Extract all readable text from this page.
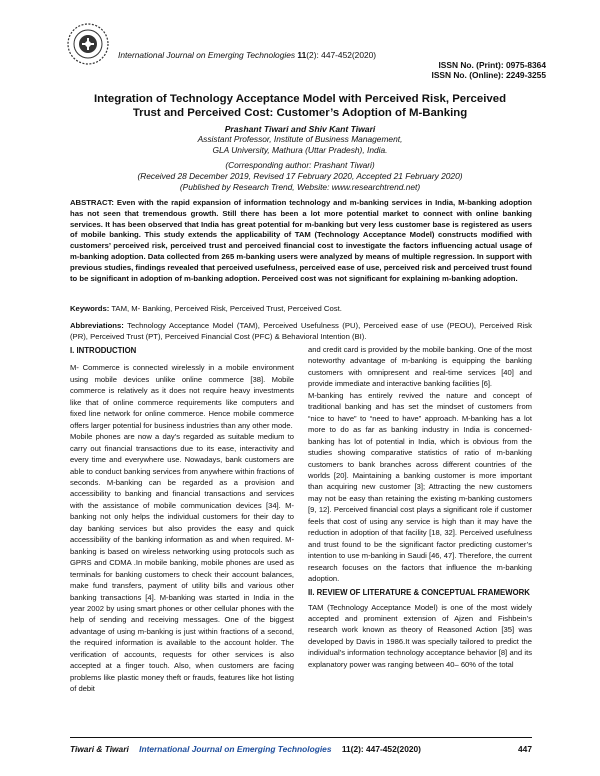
International Journal on Emerging Technologies 11(2): 447-452(2020)
ISSN No. (Print): 0975-8364
ISSN No. (Online): 2249-3255
Integration of Technology Acceptance Model with Perceived Risk, Perceived Trust and Perceived Cost: Customer’s Adoption of M-Banking
Prashant Tiwari and Shiv Kant Tiwari
Assistant Professor, Institute of Business Management,
GLA University, Mathura (Uttar Pradesh), India.
(Corresponding author: Prashant Tiwari)
(Received 28 December 2019, Revised 17 February 2020, Accepted 21 February 2020)
(Published by Research Trend, Website: www.researchtrend.net)
ABSTRACT: Even with the rapid expansion of information technology and m-banking services in India, M-banking adoption has not seen that tremendous growth. Still there has been a lot more potential market to connect with online banking services. It has been observed that India has great potential for m-banking but very less customer base is registered as users of mobile banking. This study extends the applicability of TAM (Technology Acceptance Model) constructs modified with customers’ perceived risk, perceived trust and perceived financial cost to investigate the factors influencing actual usage of m-banking adoption. Data collected from 265 m-banking users were analyzed by means of multiple regression. In support with previous studies, findings revealed that perceived usefulness, perceived ease of use, perceived risk and perceived trust found to be significant in adoption of m-banking adoption. Perceived cost was not significant for explaining m-banking adoption.
Keywords: TAM, M- Banking, Perceived Risk, Perceived Trust, Perceived Cost.
Abbreviations: Technology Acceptance Model (TAM), Perceived Usefulness (PU), Perceived ease of use (PEOU), Perceived Risk (PR), Perceived Trust (PT), Perceived Financial Cost (PFC) & Behavioral Intention (BI).
I. INTRODUCTION

M- Commerce is connected wirelessly in a mobile environment using mobile devices unlike online commerce [38]. Mobile commerce is relatively as it does not require heavy investments like that of online commerce requirements like computers and fixed line network for online commerce. Hence mobile commerce offers larger potential for business industries than any other mode.

Mobile phones are now a day’s regarded as suitable medium to carry out financial transactions due to its ease, interactivity and every time and everywhere use. Nowadays, bank customers are able to conduct banking services from anywhere within fractions of seconds. M-banking can be regarded as a provision and accessibility to banking and financial transactions and services with the assistance of mobile communication devices [34]. M-banking not only helps the individual customers for their day to day banking services but also provides the easy and quick accessibility of the banking information as and when required. M-banking is based on wireless networking using protocols such as GPRS and CDMA .In mobile banking, mobile phones are used as terminals for banking customers to check their account balances, make fund transfers, payment of utility bills and various other banking transactions [4]. M-banking was started in India in the year 2002 by using smart phones or other cellular phones with the help of sending and receiving messages. One of the biggest advantage of using m-banking is just within fractions of a second, the required information is available to the account holder. The verification of accounts, requests for other services is also accepted at a finger touch. Also, when customers are facing problems like plastic money theft or frauds, features like hot listing of debit

and credit card is provided by the mobile banking. One of the most noteworthy advantage of m-banking is equipping the banking customers with omnipresent and real-time services [40] and provide immediate and interactive banking facilities [6].

M-banking has entirely revived the nature and concept of traditional banking and has set the mindset of customers from “nice to have” to “need to have” approach. M-banking has a lot more to do as far as banking industry in India is concerned-banking has lot of potential in India, which is obvious from the studies showing comparative statistics of ratio of m-banking customers to bank branches across different countries of the worlds [20]. Maintaining a banking customer is more important than acquiring new customer [3]; Attracting the new customers may not be easy than retaining the existing m-banking customers [9, 12]. Perceived financial cost plays a significant role if customer feels that cost of using any service is high than it may have the reduction in adoption of that facility [18, 32]. Perceived usefulness and trust found to be the significant factor predicting customer’s intention to use m-banking in Saudi [46, 47]. Therefore, the current research focuses on the factors that influence the m-banking adoption.

II. REVIEW OF LITERATURE & CONCEPTUAL FRAMEWORK

TAM (Technology Acceptance Model) is one of the most widely accepted and prominent extension of Ajzen and Fishbein’s research work known as theory of Reasoned Action [35] was developed by Davis in 1986.It was specially tailored to predict the individual’s information technology acceptance behavior [8] and its explanatory power was ranging between 40– 60% of the total

Tiwari & Tiwari International Journal on Emerging Technologies 11(2): 447-452(2020)	447
